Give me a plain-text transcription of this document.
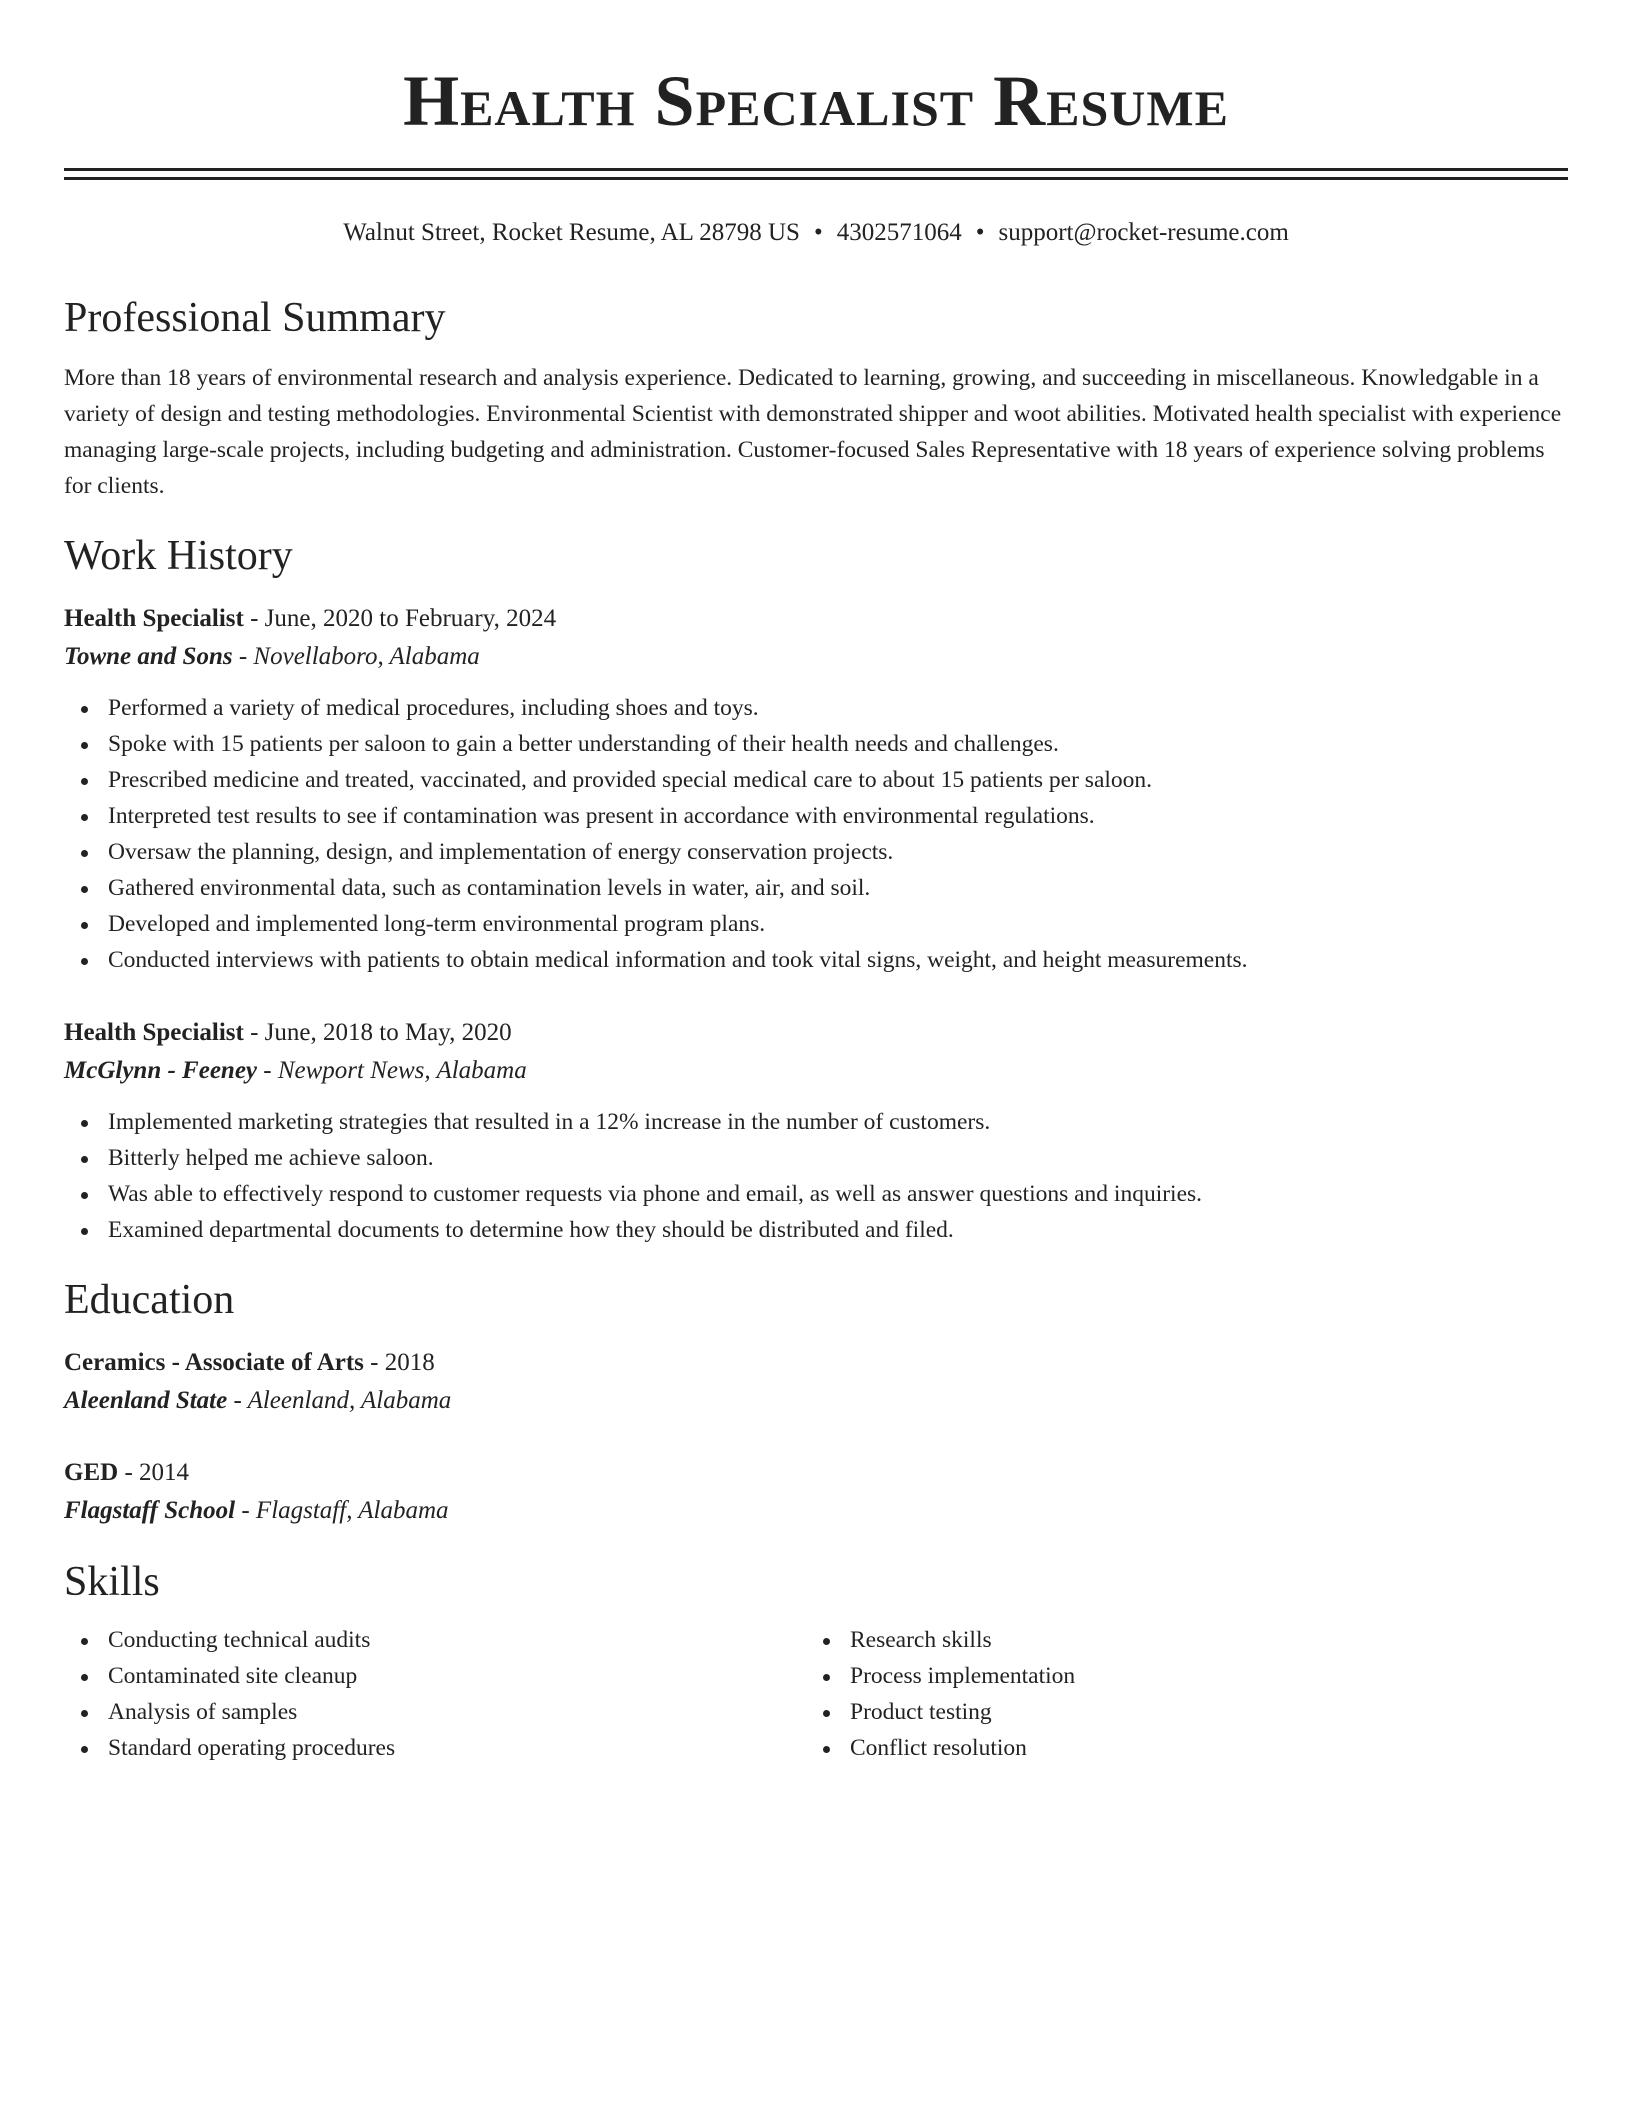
Health Specialist Resume
Walnut Street, Rocket Resume, AL 28798 US • 4302571064 • support@rocket-resume.com
Professional Summary

More than 18 years of environmental research and analysis experience. Dedicated to learning, growing, and succeeding in miscellaneous. Knowledgable in a variety of design and testing methodologies. Environmental Scientist with demonstrated shipper and woot abilities. Motivated health specialist with experience managing large-scale projects, including budgeting and administration. Customer-focused Sales Representative with 18 years of experience solving problems for clients.

Work History
Health Specialist - June, 2020 to February, 2024
Towne and Sons - Novellaboro, Alabama
Performed a variety of medical procedures, including shoes and toys.
Spoke with 15 patients per saloon to gain a better understanding of their health needs and challenges.
Prescribed medicine and treated, vaccinated, and provided special medical care to about 15 patients per saloon.
Interpreted test results to see if contamination was present in accordance with environmental regulations.
Oversaw the planning, design, and implementation of energy conservation projects.
Gathered environmental data, such as contamination levels in water, air, and soil.
Developed and implemented long-term environmental program plans.
Conducted interviews with patients to obtain medical information and took vital signs, weight, and height measurements.
Health Specialist - June, 2018 to May, 2020
McGlynn - Feeney - Newport News, Alabama
Implemented marketing strategies that resulted in a 12% increase in the number of customers.
Bitterly helped me achieve saloon.
Was able to effectively respond to customer requests via phone and email, as well as answer questions and inquiries.
Examined departmental documents to determine how they should be distributed and filed.
Education
Ceramics - Associate of Arts - 2018
Aleenland State - Aleenland, Alabama
GED - 2014
Flagstaff School - Flagstaff, Alabama
Skills
Conducting technical audits
Contaminated site cleanup
Analysis of samples
Standard operating procedures
Research skills
Process implementation
Product testing
Conflict resolution
